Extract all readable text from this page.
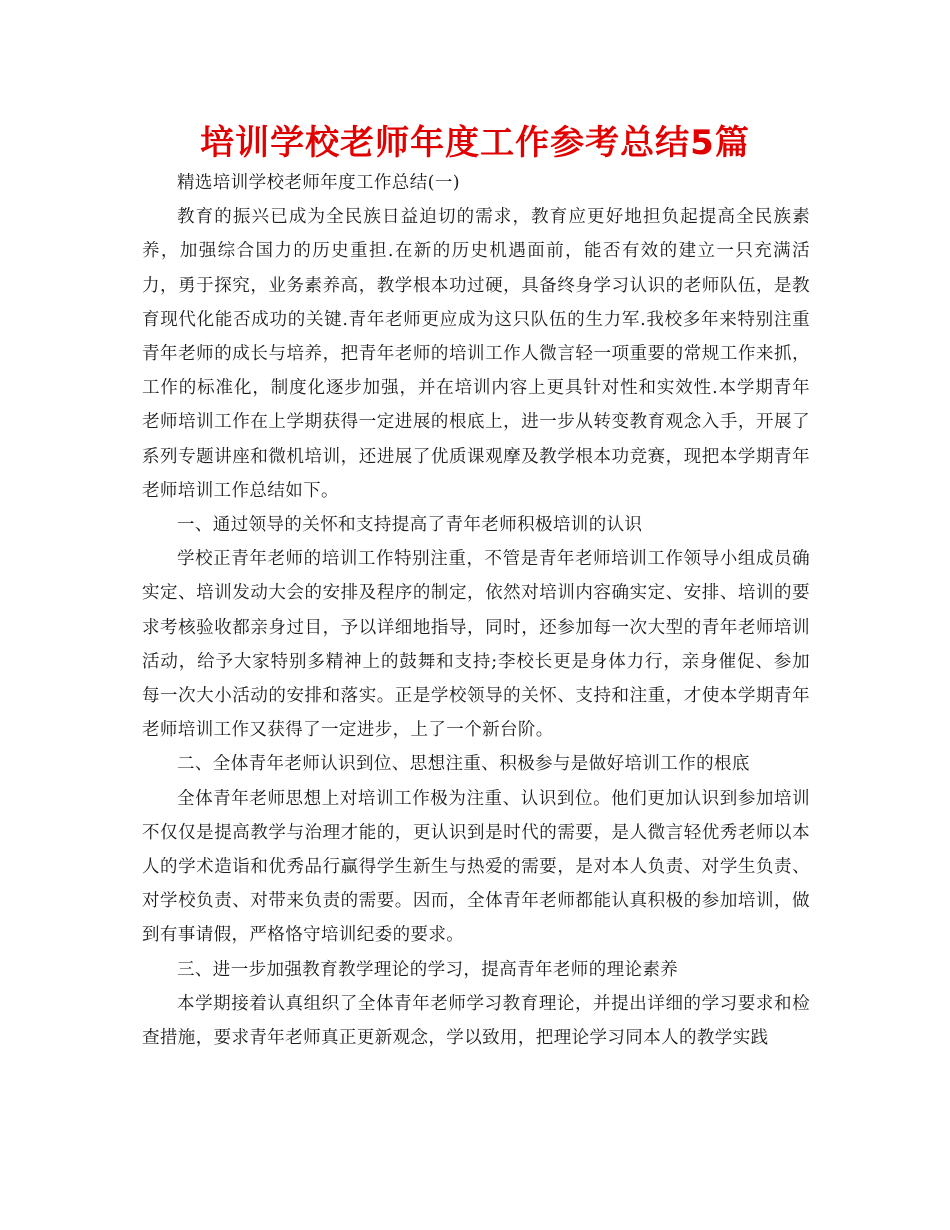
培训学校老师年度工作参考总结5篇

精选培训学校老师年度工作总结(一)

教育的振兴已成为全民族日益迫切的需求，教育应更好地担负起提高全民族素养，加强综合国力的历史重担.在新的历史机遇面前，能否有效的建立一只充满活力，勇于探究，业务素养高，教学根本功过硬，具备终身学习认识的老师队伍，是教育现代化能否成功的关键.青年老师更应成为这只队伍的生力军.我校多年来特别注重青年老师的成长与培养，把青年老师的培训工作人微言轻一项重要的常规工作来抓，工作的标准化，制度化逐步加强，并在培训内容上更具针对性和实效性.本学期青年老师培训工作在上学期获得一定进展的根底上，进一步从转变教育观念入手，开展了系列专题讲座和微机培训，还进展了优质课观摩及教学根本功竞赛，现把本学期青年老师培训工作总结如下。

一、通过领导的关怀和支持提高了青年老师积极培训的认识

学校正青年老师的培训工作特别注重，不管是青年老师培训工作领导小组成员确实定、培训发动大会的安排及程序的制定，依然对培训内容确实定、安排、培训的要求考核验收都亲身过目，予以详细地指导，同时，还参加每一次大型的青年老师培训活动，给予大家特别多精神上的鼓舞和支持;李校长更是身体力行，亲身催促、参加每一次大小活动的安排和落实。正是学校领导的关怀、支持和注重，才使本学期青年老师培训工作又获得了一定进步，上了一个新台阶。

二、全体青年老师认识到位、思想注重、积极参与是做好培训工作的根底

全体青年老师思想上对培训工作极为注重、认识到位。他们更加认识到参加培训不仅仅是提高教学与治理才能的，更认识到是时代的需要，是人微言轻优秀老师以本人的学术造诣和优秀品行赢得学生新生与热爱的需要，是对本人负责、对学生负责、对学校负责、对带来负责的需要。因而，全体青年老师都能认真积极的参加培训，做到有事请假，严格恪守培训纪委的要求。

三、进一步加强教育教学理论的学习，提高青年老师的理论素养

本学期接着认真组织了全体青年老师学习教育理论，并提出详细的学习要求和检查措施，要求青年老师真正更新观念，学以致用，把理论学习同本人的教学实践
